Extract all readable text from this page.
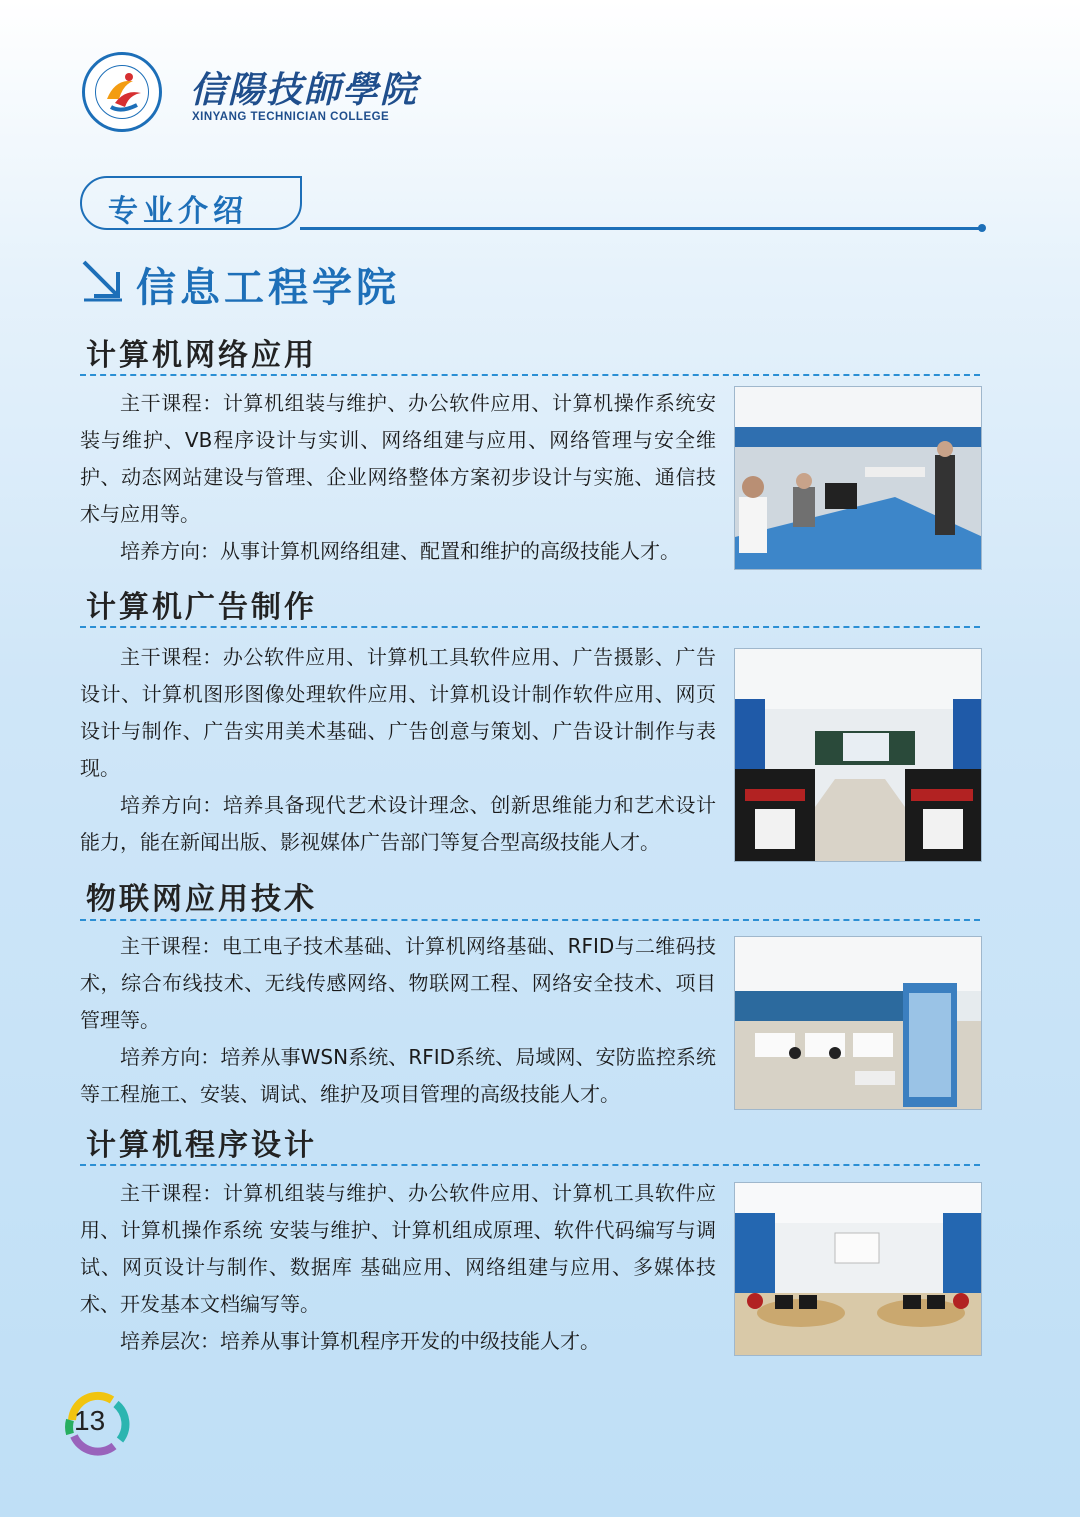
信陽技師學院
XINYANG TECHNICIAN COLLEGE
专业介绍
信息工程学院
计算机网络应用

主干课程：计算机组装与维护、办公软件应用、计算机操作系统安装与维护、VB程序设计与实训、网络组建与应用、网络管理与安全维护、动态网站建设与管理、企业网络整体方案初步设计与实施、通信技术与应用等。

培养方向：从事计算机网络组建、配置和维护的高级技能人才。

计算机广告制作

主干课程：办公软件应用、计算机工具软件应用、广告摄影、广告设计、计算机图形图像处理软件应用、计算机设计制作软件应用、网页设计与制作、广告实用美术基础、广告创意与策划、广告设计制作与表现。

培养方向：培养具备现代艺术设计理念、创新思维能力和艺术设计能力，能在新闻出版、影视媒体广告部门等复合型高级技能人才。

物联网应用技术

主干课程：电工电子技术基础、计算机网络基础、RFID与二维码技术，综合布线技术、无线传感网络、物联网工程、网络安全技术、项目管理等。

培养方向：培养从事WSN系统、RFID系统、局域网、安防监控系统等工程施工、安装、调试、维护及项目管理的高级技能人才。

计算机程序设计

主干课程：计算机组装与维护、办公软件应用、计算机工具软件应用、计算机操作系统 安装与维护、计算机组成原理、软件代码编写与调试、网页设计与制作、数据库 基础应用、网络组建与应用、多媒体技术、开发基本文档编写等。

培养层次：培养从事计算机程序开发的中级技能人才。

13
